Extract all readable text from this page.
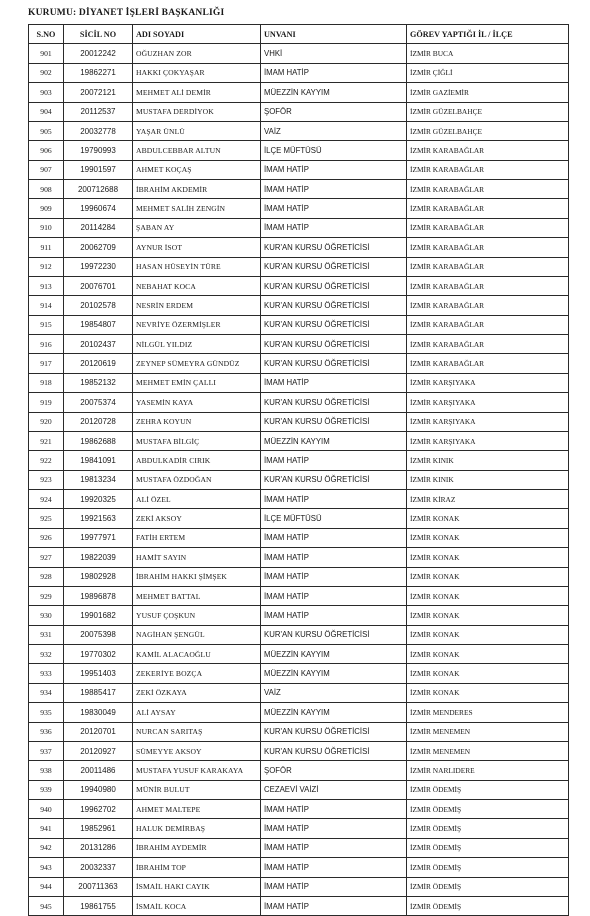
KURUMU: DİYANET İŞLERİ BAŞKANLIĞI
S.NO	SİCİL NO	ADI SOYADI	UNVANI	GÖREV YAPTIĞI İL / İLÇE
901	20012242	OĞUZHAN ZOR	VHKİ	İZMİR BUCA
902	19862271	HAKKI ÇOKYAŞAR	İMAM HATİP	İZMİR ÇİĞLİ
903	20072121	MEHMET ALİ DEMİR	MÜEZZİN KAYYIM	İZMİR GAZİEMİR
904	20112537	MUSTAFA DERDİYOK	ŞOFÖR	İZMİR GÜZELBAHÇE
905	20032778	YAŞAR ÜNLÜ	VAİZ	İZMİR GÜZELBAHÇE
906	19790993	ABDULCEBBAR ALTUN	İLÇE MÜFTÜSÜ	İZMİR KARABAĞLAR
907	19901597	AHMET KOÇAŞ	İMAM HATİP	İZMİR KARABAĞLAR
908	200712688	İBRAHİM AKDEMİR	İMAM HATİP	İZMİR KARABAĞLAR
909	19960674	MEHMET SALİH ZENGİN	İMAM HATİP	İZMİR KARABAĞLAR
910	20114284	ŞABAN AY	İMAM HATİP	İZMİR KARABAĞLAR
911	20062709	AYNUR İSOT	KUR'AN KURSU ÖĞRETİCİSİ	İZMİR KARABAĞLAR
912	19972230	HASAN HÜSEYİN TÜRE	KUR'AN KURSU ÖĞRETİCİSİ	İZMİR KARABAĞLAR
913	20076701	NEBAHAT KOCA	KUR'AN KURSU ÖĞRETİCİSİ	İZMİR KARABAĞLAR
914	20102578	NESRİN ERDEM	KUR'AN KURSU ÖĞRETİCİSİ	İZMİR KARABAĞLAR
915	19854807	NEVRİYE ÖZERMİŞLER	KUR'AN KURSU ÖĞRETİCİSİ	İZMİR KARABAĞLAR
916	20102437	NİLGÜL YILDIZ	KUR'AN KURSU ÖĞRETİCİSİ	İZMİR KARABAĞLAR
917	20120619	ZEYNEP SÜMEYRA GÜNDÜZ	KUR'AN KURSU ÖĞRETİCİSİ	İZMİR KARABAĞLAR
918	19852132	MEHMET EMİN ÇALLI	İMAM HATİP	İZMİR KARŞIYAKA
919	20075374	YASEMİN KAYA	KUR'AN KURSU ÖĞRETİCİSİ	İZMİR KARŞIYAKA
920	20120728	ZEHRA KOYUN	KUR'AN KURSU ÖĞRETİCİSİ	İZMİR KARŞIYAKA
921	19862688	MUSTAFA BİLGİÇ	MÜEZZİN KAYYIM	İZMİR KARŞIYAKA
922	19841091	ABDULKADİR CIRIK	İMAM HATİP	İZMİR KINIK
923	19813234	MUSTAFA ÖZDOĞAN	KUR'AN KURSU ÖĞRETİCİSİ	İZMİR KINIK
924	19920325	ALİ ÖZEL	İMAM HATİP	İZMİR KİRAZ
925	19921563	ZEKİ AKSOY	İLÇE MÜFTÜSÜ	İZMİR KONAK
926	19977971	FATİH ERTEM	İMAM HATİP	İZMİR KONAK
927	19822039	HAMİT SAYIN	İMAM HATİP	İZMİR KONAK
928	19802928	İBRAHİM HAKKI ŞİMŞEK	İMAM HATİP	İZMİR KONAK
929	19896878	MEHMET BATTAL	İMAM HATİP	İZMİR KONAK
930	19901682	YUSUF ÇOŞKUN	İMAM HATİP	İZMİR KONAK
931	20075398	NAGİHAN ŞENGÜL	KUR'AN KURSU ÖĞRETİCİSİ	İZMİR KONAK
932	19770302	KAMİL ALACAOĞLU	MÜEZZİN KAYYIM	İZMİR KONAK
933	19951403	ZEKERİYE BOZÇA	MÜEZZİN KAYYIM	İZMİR KONAK
934	19885417	ZEKİ ÖZKAYA	VAİZ	İZMİR KONAK
935	19830049	ALİ AYSAY	MÜEZZİN KAYYIM	İZMİR MENDERES
936	20120701	NURCAN SARITAŞ	KUR'AN KURSU ÖĞRETİCİSİ	İZMİR MENEMEN
937	20120927	SÜMEYYE AKSOY	KUR'AN KURSU ÖĞRETİCİSİ	İZMİR MENEMEN
938	20011486	MUSTAFA YUSUF KARAKAYA	ŞOFÖR	İZMİR NARLIDERE
939	19940980	MÜNİR BULUT	CEZAEVİ VAİZİ	İZMİR ÖDEMİŞ
940	19962702	AHMET MALTEPE	İMAM HATİP	İZMİR ÖDEMİŞ
941	19852961	HALUK DEMİRBAŞ	İMAM HATİP	İZMİR ÖDEMİŞ
942	20131286	İBRAHİM AYDEMİR	İMAM HATİP	İZMİR ÖDEMİŞ
943	20032337	İBRAHİM TOP	İMAM HATİP	İZMİR ÖDEMİŞ
944	200711363	İSMAİL HAKI CAYIK	İMAM HATİP	İZMİR ÖDEMİŞ
945	19861755	İSMAİL KOCA	İMAM HATİP	İZMİR ÖDEMİŞ
